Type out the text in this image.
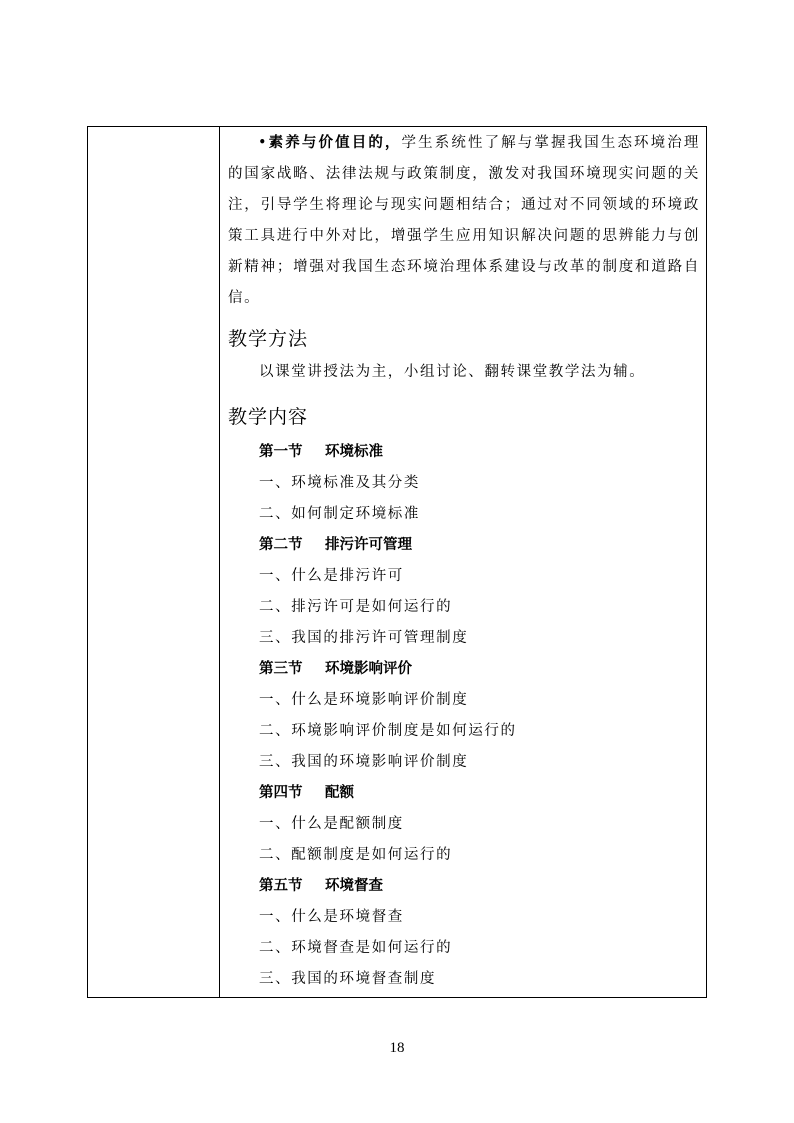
•素养与价值目的，学生系统性了解与掌握我国生态环境治理的国家战略、法律法规与政策制度，激发对我国环境现实问题的关注，引导学生将理论与现实问题相结合；通过对不同领域的环境政策工具进行中外对比，增强学生应用知识解决问题的思辨能力与创新精神；增强对我国生态环境治理体系建设与改革的制度和道路自信。
教学方法
以课堂讲授法为主，小组讨论、翻转课堂教学法为辅。
教学内容
第一节 环境标准
一、环境标准及其分类
二、如何制定环境标准
第二节 排污许可管理
一、什么是排污许可
二、排污许可是如何运行的
三、我国的排污许可管理制度
第三节 环境影响评价
一、什么是环境影响评价制度
二、环境影响评价制度是如何运行的
三、我国的环境影响评价制度
第四节 配额
一、什么是配额制度
二、配额制度是如何运行的
第五节 环境督查
一、什么是环境督查
二、环境督查是如何运行的
三、我国的环境督查制度
18
